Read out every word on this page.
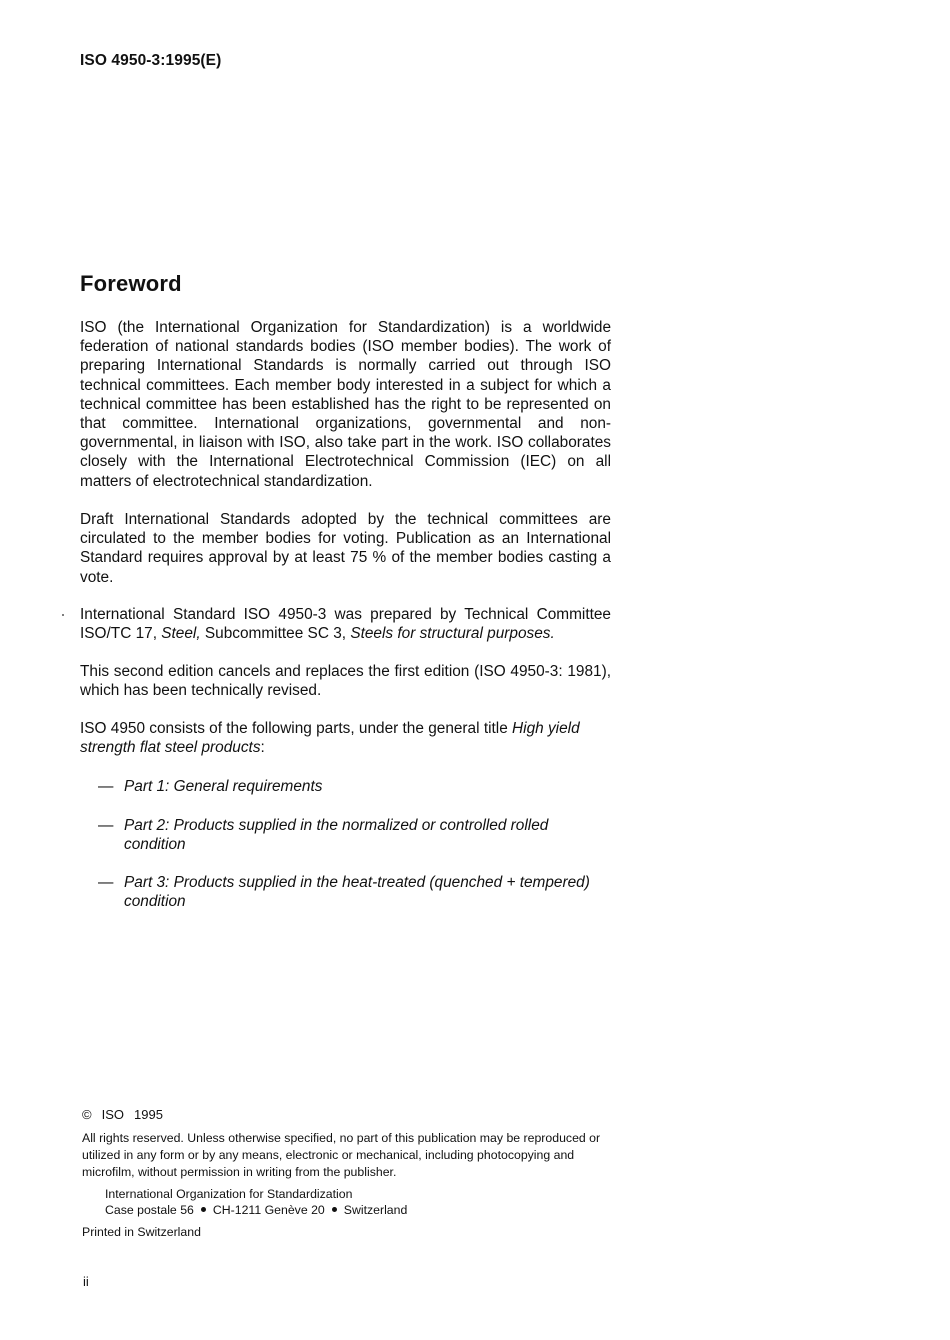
ISO 4950-3:1995(E)
Foreword
ISO (the International Organization for Standardization) is a worldwide federation of national standards bodies (ISO member bodies). The work of preparing International Standards is normally carried out through ISO technical committees. Each member body interested in a subject for which a technical committee has been established has the right to be represented on that committee. International organizations, governmental and non-governmental, in liaison with ISO, also take part in the work. ISO collaborates closely with the International Electrotechnical Commission (IEC) on all matters of electrotechnical standardization.
Draft International Standards adopted by the technical committees are circulated to the member bodies for voting. Publication as an International Standard requires approval by at least 75 % of the member bodies casting a vote.
International Standard ISO 4950-3 was prepared by Technical Committee ISO/TC 17, Steel, Subcommittee SC 3, Steels for structural purposes.
This second edition cancels and replaces the first edition (ISO 4950-3: 1981), which has been technically revised.
ISO 4950 consists of the following parts, under the general title High yield strength flat steel products:
— Part 1: General requirements
— Part 2: Products supplied in the normalized or controlled rolled condition
— Part 3: Products supplied in the heat-treated (quenched + tempered) condition
© ISO 1995
All rights reserved. Unless otherwise specified, no part of this publication may be reproduced or utilized in any form or by any means, electronic or mechanical, including photocopying and microfilm, without permission in writing from the publisher.
International Organization for Standardization
Case postale 56 CH-1211 Genève 20 Switzerland
Printed in Switzerland
ii
